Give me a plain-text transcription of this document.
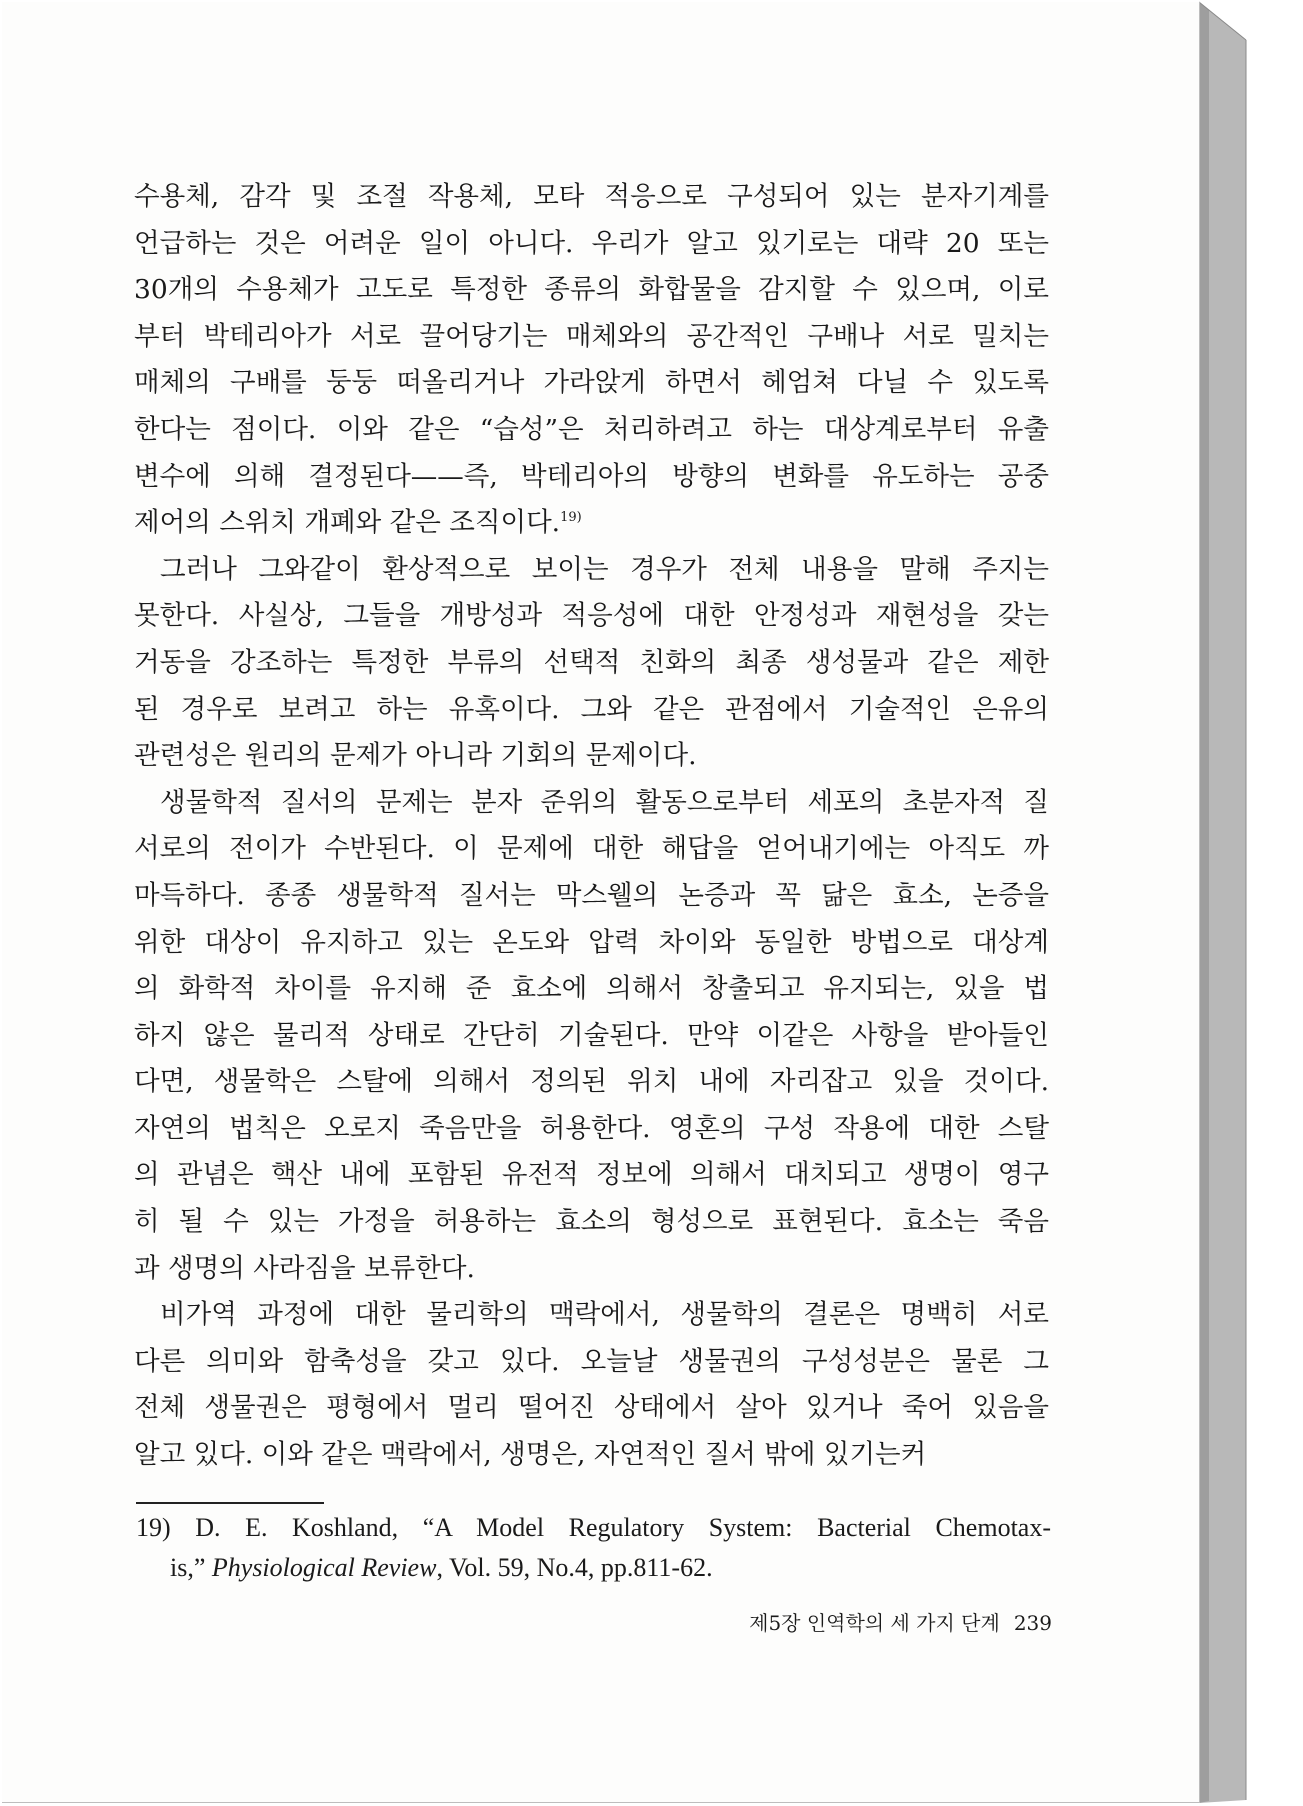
수용체, 감각 및 조절 작용체, 모타 적응으로 구성되어 있는 분자기계를
언급하는 것은 어려운 일이 아니다. 우리가 알고 있기로는 대략 20 또는
30개의 수용체가 고도로 특정한 종류의 화합물을 감지할 수 있으며, 이로
부터 박테리아가 서로 끌어당기는 매체와의 공간적인 구배나 서로 밀치는
매체의 구배를 둥둥 떠올리거나 가라앉게 하면서 헤엄쳐 다닐 수 있도록
한다는 점이다. 이와 같은 “습성”은 처리하려고 하는 대상계로부터 유출
변수에 의해 결정된다——즉, 박테리아의 방향의 변화를 유도하는 공중
제어의 스위치 개폐와 같은 조직이다.$^{19)}$
그러나 그와같이 환상적으로 보이는 경우가 전체 내용을 말해 주지는
못한다. 사실상, 그들을 개방성과 적응성에 대한 안정성과 재현성을 갖는
거동을 강조하는 특정한 부류의 선택적 친화의 최종 생성물과 같은 제한
된 경우로 보려고 하는 유혹이다. 그와 같은 관점에서 기술적인 은유의
관련성은 원리의 문제가 아니라 기회의 문제이다.
생물학적 질서의 문제는 분자 준위의 활동으로부터 세포의 초분자적 질
서로의 전이가 수반된다. 이 문제에 대한 해답을 얻어내기에는 아직도 까
마득하다. 종종 생물학적 질서는 막스웰의 논증과 꼭 닮은 효소, 논증을
위한 대상이 유지하고 있는 온도와 압력 차이와 동일한 방법으로 대상계
의 화학적 차이를 유지해 준 효소에 의해서 창출되고 유지되는, 있을 법
하지 않은 물리적 상태로 간단히 기술된다. 만약 이같은 사항을 받아들인
다면, 생물학은 스탈에 의해서 정의된 위치 내에 자리잡고 있을 것이다.
자연의 법칙은 오로지 죽음만을 허용한다. 영혼의 구성 작용에 대한 스탈
의 관념은 핵산 내에 포함된 유전적 정보에 의해서 대치되고 생명이 영구
히 될 수 있는 가정을 허용하는 효소의 형성으로 표현된다. 효소는 죽음
과 생명의 사라짐을 보류한다.
비가역 과정에 대한 물리학의 맥락에서, 생물학의 결론은 명백히 서로
다른 의미와 함축성을 갖고 있다. 오늘날 생물권의 구성성분은 물론 그
전체 생물권은 평형에서 멀리 떨어진 상태에서 살아 있거나 죽어 있음을
알고 있다. 이와 같은 맥락에서, 생명은, 자연적인 질서 밖에 있기는커
19) D. E. Koshland, “A Model Regulatory System: Bacterial Chemotax-
is,” Physiological Review, Vol. 59, No.4, pp.811-62.
제5장 인역학의 세 가지 단계 239
